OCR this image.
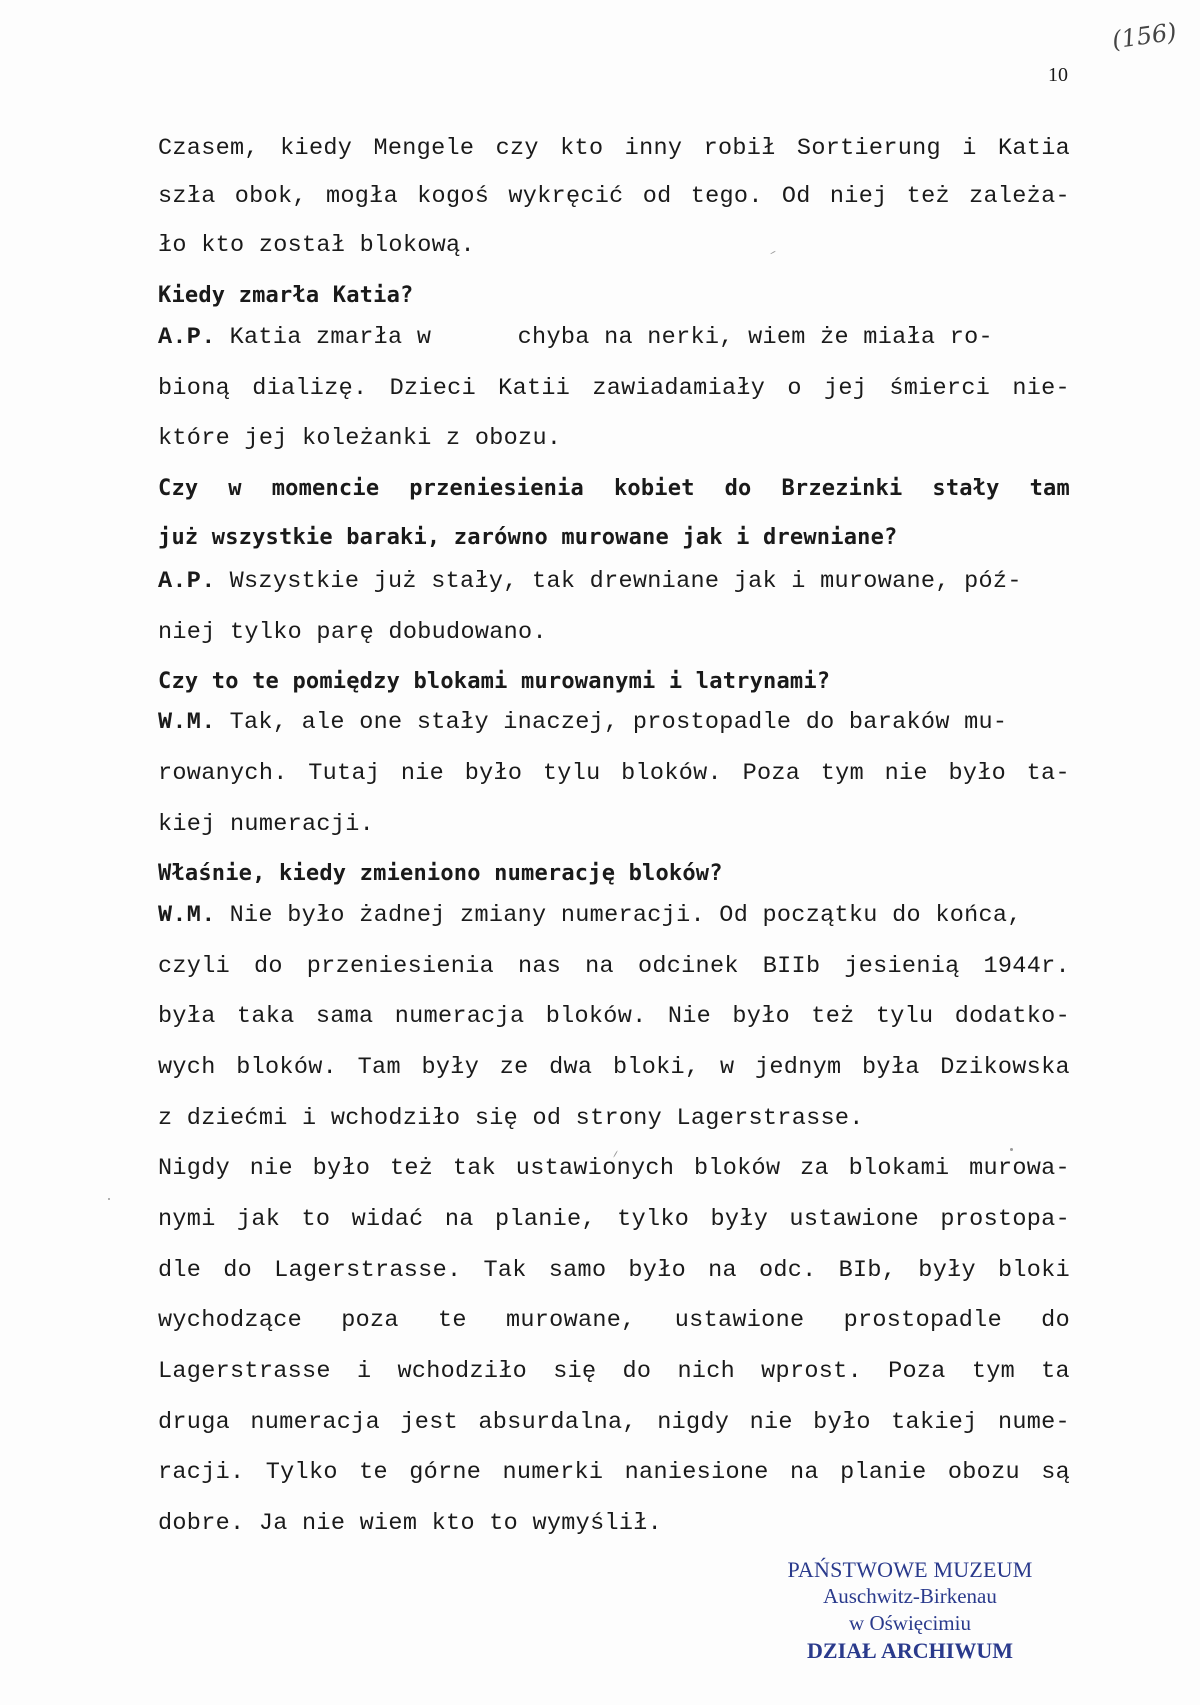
(156)
10
Czasem, kiedy Mengele czy kto inny robił Sortierung i Katia
szła obok, mogła kogoś wykręcić od tego. Od niej też zależa-
ło kto został blokową.
Kiedy zmarła Katia?
A.P. Katia zmarła w      chyba na nerki, wiem że miała ro-
bioną dializę. Dzieci Katii zawiadamiały o jej śmierci nie-
które jej koleżanki z obozu.
Czy w momencie przeniesienia kobiet do Brzezinki stały tam
już wszystkie baraki, zarówno murowane jak i drewniane?
A.P. Wszystkie już stały, tak drewniane jak i murowane, póź-
niej tylko parę dobudowano.
Czy to te pomiędzy blokami murowanymi i latrynami?
W.M. Tak, ale one stały inaczej, prostopadle do baraków mu-
rowanych. Tutaj nie było tylu bloków. Poza tym nie było ta-
kiej numeracji.
Właśnie, kiedy zmieniono numerację bloków?
W.M. Nie było żadnej zmiany numeracji. Od początku do końca,
czyli do przeniesienia nas na odcinek BIIb jesienią 1944r.
była taka sama numeracja bloków. Nie było też tylu dodatko-
wych bloków. Tam były ze dwa bloki, w jednym była Dzikowska
z dziećmi i wchodziło się od strony Lagerstrasse.
Nigdy nie było też tak ustawionych bloków za blokami murowa-
nymi jak to widać na planie, tylko były ustawione prostopa-
dle do Lagerstrasse. Tak samo było na odc. BIb, były bloki
wychodzące poza te murowane, ustawione prostopadle do
Lagerstrasse i wchodziło się do nich wprost. Poza tym ta
druga numeracja jest absurdalna, nigdy nie było takiej nume-
racji. Tylko te górne numerki naniesione na planie obozu są
dobre. Ja nie wiem kto to wymyślił.
PAŃSTWOWE MUZEUM
Auschwitz-Birkenau
w Oświęcimiu
DZIAŁ ARCHIWUM
